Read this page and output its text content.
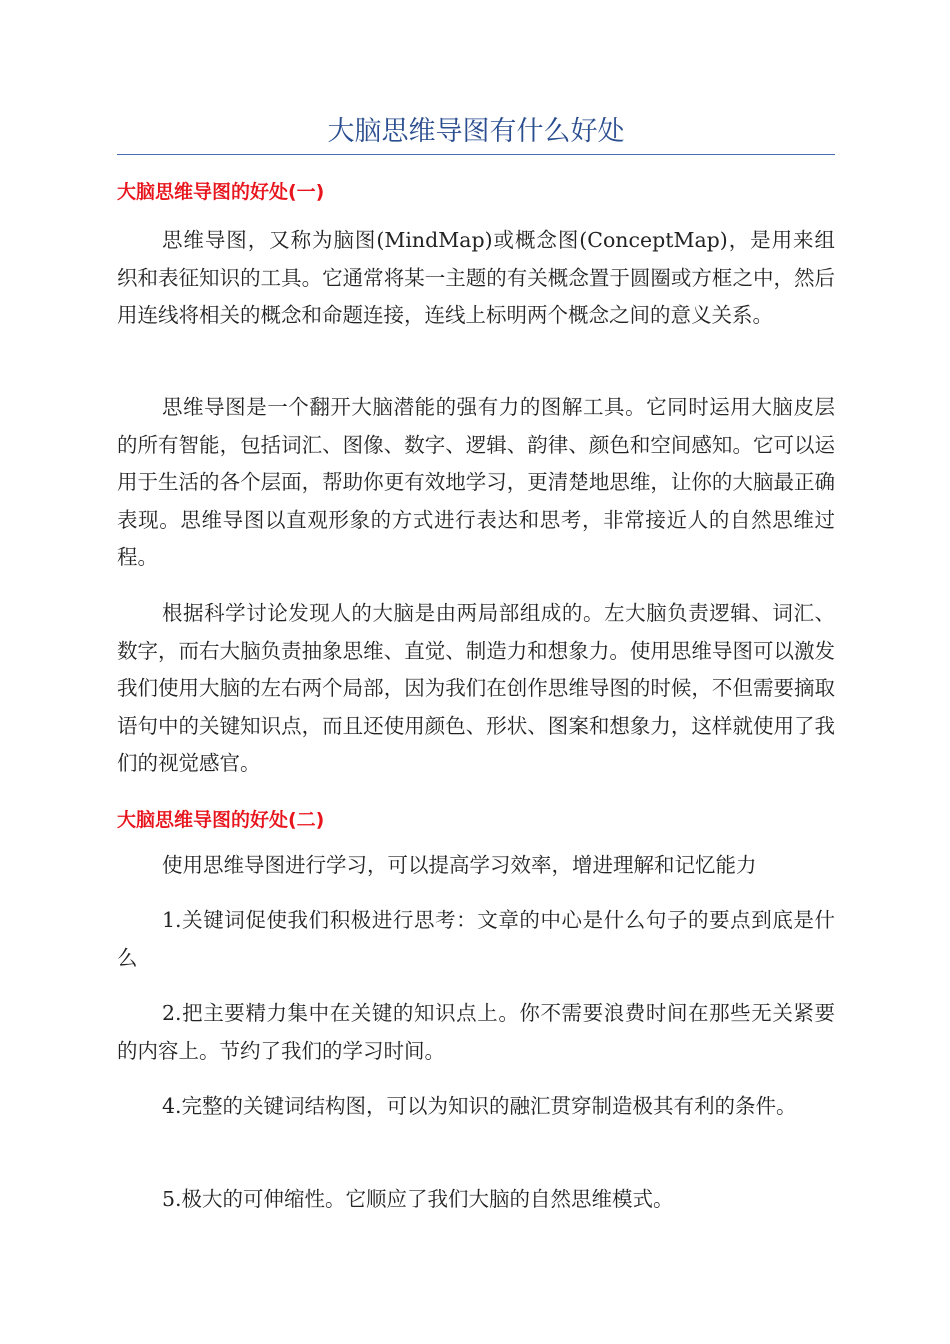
大脑思维导图有什么好处
大脑思维导图的好处(一)

思维导图，又称为脑图(MindMap)或概念图(ConceptMap)，是用来组织和表征知识的工具。它通常将某一主题的有关概念置于圆圈或方框之中，然后用连线将相关的概念和命题连接，连线上标明两个概念之间的意义关系。

思维导图是一个翻开大脑潜能的强有力的图解工具。它同时运用大脑皮层的所有智能，包括词汇、图像、数字、逻辑、韵律、颜色和空间感知。它可以运用于生活的各个层面，帮助你更有效地学习，更清楚地思维，让你的大脑最正确表现。思维导图以直观形象的方式进行表达和思考，非常接近人的自然思维过程。

根据科学讨论发现人的大脑是由两局部组成的。左大脑负责逻辑、词汇、数字，而右大脑负责抽象思维、直觉、制造力和想象力。使用思维导图可以激发我们使用大脑的左右两个局部，因为我们在创作思维导图的时候，不但需要摘取语句中的关键知识点，而且还使用颜色、形状、图案和想象力，这样就使用了我们的视觉感官。

大脑思维导图的好处(二)

使用思维导图进行学习，可以提高学习效率，增进理解和记忆能力

1.关键词促使我们积极进行思考：文章的中心是什么句子的要点到底是什么

2.把主要精力集中在关键的知识点上。你不需要浪费时间在那些无关紧要的内容上。节约了我们的学习时间。

4.完整的关键词结构图，可以为知识的融汇贯穿制造极其有利的条件。

5.极大的可伸缩性。它顺应了我们大脑的自然思维模式。
